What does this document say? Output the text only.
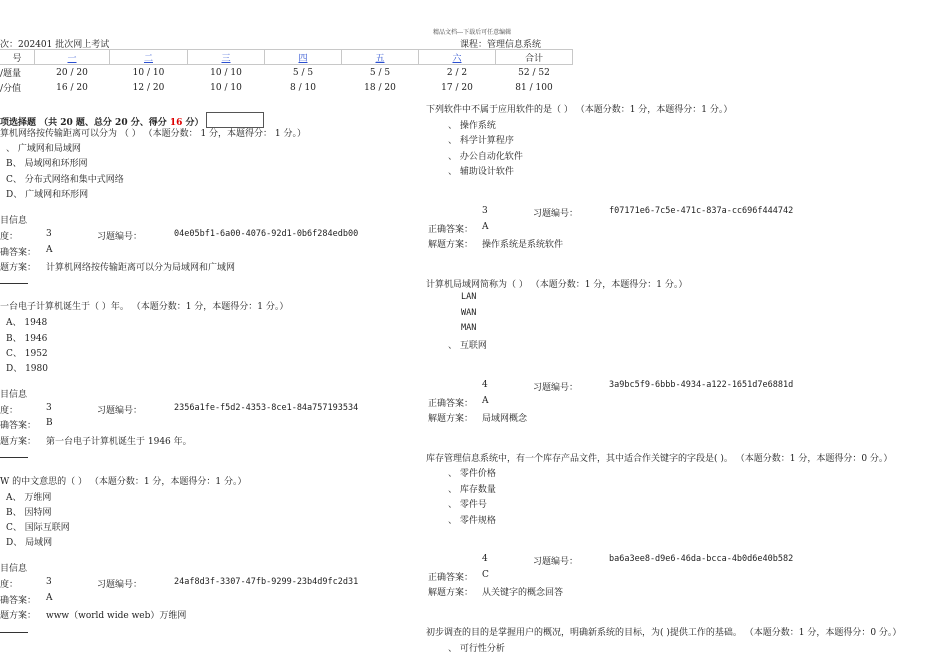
精品文档---下载后可任意编辑
次：202401 批次网上考试	课程：管理信息系统
号	一	二	三	四	五	六	合计
/题量	20 / 20	10 / 10	10 / 10	5 / 5	5 / 5	2 / 2	52 / 52
/分值	16 / 20	12 / 20	10 / 10	8 / 10	18 / 20	17 / 20	81 / 100
项选择题 （共 20 题、总分 20 分、得分 16 分）
算机网络按传输距离可以分为 （ ） （本题分数： 1 分，本题得分： 1 分。）
、 广域网和局域网
B、 局域网和环形网
C、 分布式网络和集中式网络
D、 广域网和环形网
目信息
度：	3	习题编号：	04e05bf1-6a00-4076-92d1-0b6f284edb00
确答案： A
题方案： 计算机网络按传输距离可以分为局域网和广域网
一台电子计算机诞生于（ ）年。 （本题分数：1 分，本题得分：1 分。）
A、 1948
B、 1946
C、 1952
D、 1980
目信息
度：	3	习题编号：	2356a1fe-f5d2-4353-8ce1-84a757193534
确答案： B
题方案： 第一台电子计算机诞生于 1946 年。
W 的中文意思的（ ） （本题分数：1 分，本题得分：1 分。）
A、 万维网
B、 因特网
C、 国际互联网
D、 局域网
目信息
度：	3	习题编号：	24af8d3f-3307-47fb-9299-23b4d9fc2d31
确答案： A
题方案： www（world wide web）万维网
下列软件中不属于应用软件的是（ ） （本题分数：1 分，本题得分：1 分。）
、 操作系统
、 科学计算程序
、 办公自动化软件
、 辅助设计软件
3	习题编号：	f07171e6-7c5e-471c-837a-cc696f444742
正确答案： A
解题方案： 操作系统是系统软件
计算机局域网简称为（ ） （本题分数：1 分，本题得分：1 分。）
LAN
WAN
MAN
、 互联网
4	习题编号：	3a9bc5f9-6bbb-4934-a122-1651d7e6881d
正确答案： A
解题方案： 局域网概念
库存管理信息系统中，有一个库存产品文件，其中适合作关键字的字段是( )。 （本题分数：1 分，本题得分：0 分。）
、 零件价格
、 库存数量
、 零件号
、 零件规格
4	习题编号：	ba6a3ee8-d9e6-46da-bcca-4b0d6e40b582
正确答案： C
解题方案： 从关键字的概念回答
初步调查的目的是掌握用户的概况，明确新系统的目标，为( )提供工作的基础。 （本题分数：1 分，本题得分：0 分。）
、 可行性分析
